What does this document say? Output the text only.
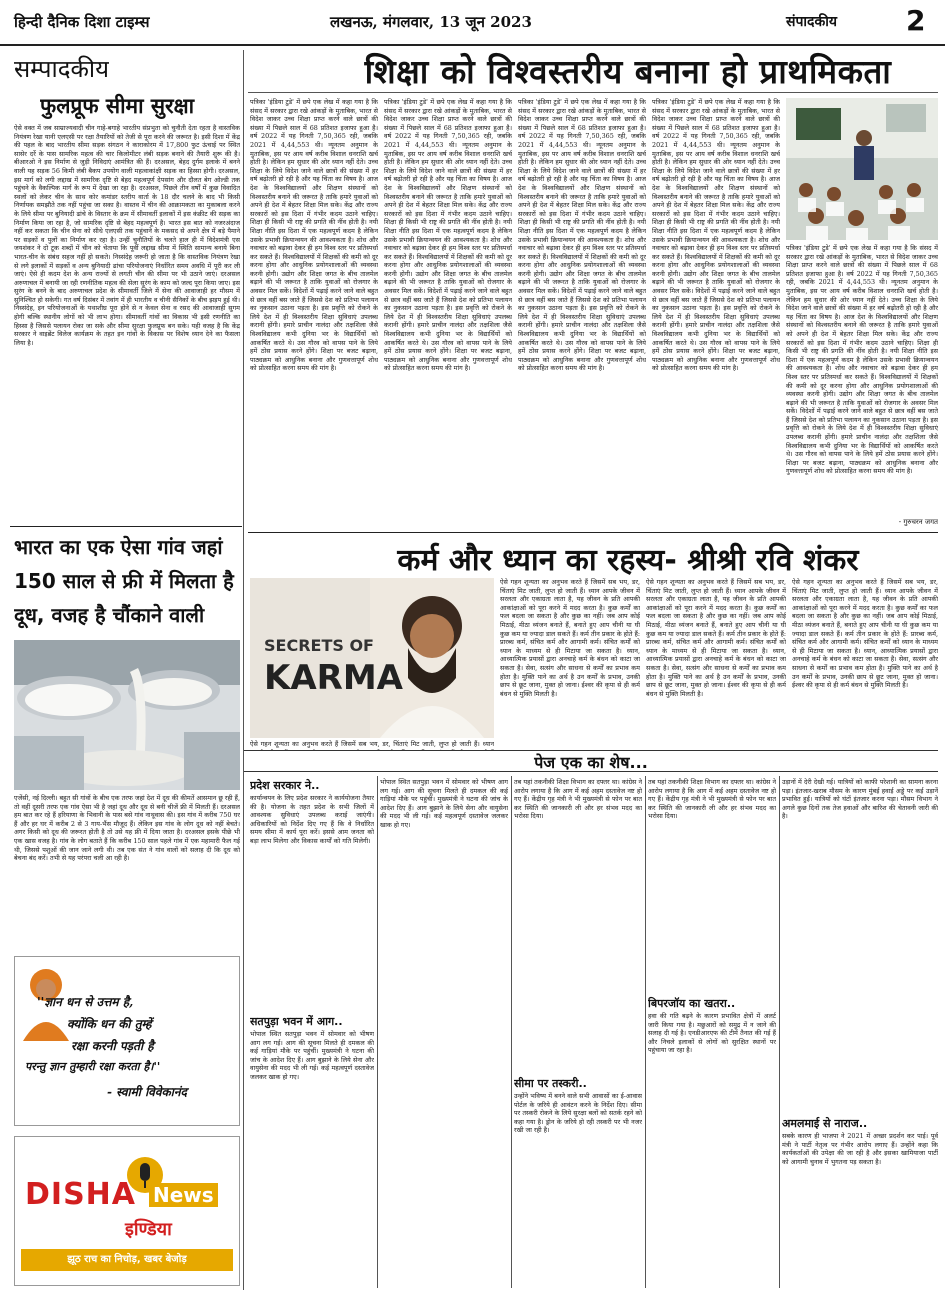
हिन्दी दैनिक दिशा टाइम्स	लखनऊ, मंगलवार, 13 जून 2023	संपादकीय 2
सम्पादकीय
फुलप्रूफ सीमा सुरक्षा
ऐसे वक्त में जब साम्राज्यवादी चीन गाहे-बगाहे भारतीय संप्रभुता को चुनौती देता रहता है वास्तविक नियंत्रण रेखा यानी एलएसी पर रक्षा तैयारियों को तेजी से पूरा करने की जरूरत है। इसी दिशा में केंद्र की पहल के बाद भारतीय सीमा सड़क संगठन ने काराकोरम में 17,800 फुट ऊंचाई पर स्थित सासेर दर्रे के पास सामरिक महत्व की चार किलोमीटर लंबी सड़क बनाने की तैयारी शुरू की है। बीआरओ ने इस निर्माण से जुड़ी निविदाएं आमंत्रित की हैं। दरअसल, बेहद दुर्गम इलाके में बनने वाली यह सड़क 56 किमी लंबी बैकप उपयोग वाली महत्वाकांक्षी सड़क का हिस्सा होगी। दरअसल, इस मार्ग को लगी लद्दाख में सामरिक दृष्टि से बेहद महत्वपूर्ण देपसांग और दौलत बेग ओल्डी तक पहुंचने के वैकल्पिक मार्ग के रूप में देखा जा रहा है। दरअसल, पिछले तीन वर्षों में कुछ विवादित स्थलों को लेकर चीन के साथ कोर कमांडर स्तरीय वार्ता के 18 दौर चलने के बाद भी किसी निर्णायक समझौते तक नहीं पहुंचा जा सका है। वास्तव में चीन की आक्रामकता का मुकाबला करने के लिये सीमा पर बुनियादी ढांचे के विस्तार के क्रम में सीमावर्ती इलाकों में इस कंक्रीट की सड़क का निर्माण किया जा रहा है, जो सामरिक दृष्टि से बेहद महत्वपूर्ण है। भारत इस बात को नजरअंदाज नहीं कर सकता कि चीन सेना को सीधे एलएसी तक पहुंचाने के मकसद से अपने क्षेत्र में बड़े पैमाने पर सड़कों व पुलों का निर्माण कर रहा है। उन्हीं चुनौतियों के चलते हाल ही में विदेशमंत्री एस जयशंकर ने दो टूक शब्दों में चीन को चेताया कि पूर्वी लद्दाख सीमा में स्थिति सामान्य बनाये बिना भारत-चीन के संबंध सहज नहीं हो सकते। निस्संदेह जरूरी हो जाता है कि वास्तविक नियंत्रण रेखा से लगे इलाकों में सड़कों व अन्य बुनियादी ढांचा परियोजनाएं निर्धारित समय अवधि में पूरी कर ली जाएं। ऐसे ही कदम देश के अन्य राज्यों से लगती चीन की सीमा पर भी उठाने जाएं। दरअसल अरुणाचल में बनायी जा रही रणनीतिक महत्व की सेला सुरंग के काम को जल्द पूरा किया जाए। इस सुरंग के बनने के बाद अरुणाचल प्रदेश के सीमावर्ती जिले में सेना की आवाजाही हर मौसम में सुनिश्चित हो सकेगी। गत वर्ष दिसंबर में तवांग में ही भारतीय व चीनी सैनिकों के बीच झड़प हुई थी। निस्संदेह, इन परियोजनाओं के यथाशीघ्र पूरा होने से न केवल सेना व रसद की आवाजाही सुगम होगी बल्कि स्थानीय लोगों को भी लाभ होगा। सीमावर्ती गांवों का विकास भी इसी रणनीति का हिस्सा है जिससे पलायन रोका जा सके और सीमा सुरक्षा फुलप्रूफ बन सके। यही वजह है कि केंद्र सरकार ने वाइब्रेंट विलेज कार्यक्रम के तहत इन गांवों के विकास पर विशेष ध्यान देने का फैसला लिया है।
शिक्षा को विश्वस्तरीय बनाना हो प्राथमिकता
पत्रिका 'इंडिया टुडे' में छपे एक लेख में कहा गया है कि संसद में सरकार द्वारा रखे आंकड़ों के मुताबिक, भारत से विदेश जाकर उच्च शिक्षा प्राप्त करने वाले छात्रों की संख्या में पिछले साल में 68 प्रतिशत इजाफा हुआ है। वर्ष 2022 में यह गिनती 7,50,365 रही, जबकि 2021 में 4,44,553 थी। न्यूनतम अनुमान के मुताबिक, इस पर आय वर्ष करीब विशाल धनराशि खर्च होती है। लेकिन हम सुधार की ओर ध्यान नहीं देते। उच्च शिक्षा के लिये विदेश जाने वाले छात्रों की संख्या में हर वर्ष बढ़ोतरी हो रही है और यह चिंता का विषय है। आज देश के विश्वविद्यालयों और शिक्षण संस्थानों को विश्वस्तरीय बनाने की जरूरत है ताकि हमारे युवाओं को अपने ही देश में बेहतर शिक्षा मिल सके। केंद्र और राज्य सरकारों को इस दिशा में गंभीर कदम उठाने चाहिए। शिक्षा ही किसी भी राष्ट्र की प्रगति की नींव होती है। नयी शिक्षा नीति इस दिशा में एक महत्वपूर्ण कदम है लेकिन उसके प्रभावी क्रियान्वयन की आवश्यकता है। शोध और नवाचार को बढ़ावा देकर ही हम विश्व स्तर पर प्रतिस्पर्धा कर सकते हैं। विश्वविद्यालयों में शिक्षकों की कमी को दूर करना होगा और आधुनिक प्रयोगशालाओं की व्यवस्था करनी होगी। उद्योग और शिक्षा जगत के बीच तालमेल बढ़ाने की भी जरूरत है ताकि युवाओं को रोजगार के अवसर मिल सकें। विदेशों में पढ़ाई करने जाने वाले बहुत से छात्र वहीं बस जाते हैं जिससे देश को प्रतिभा पलायन का नुकसान उठाना पड़ता है। इस प्रवृत्ति को रोकने के लिये देश में ही विश्वस्तरीय शिक्षा सुविधाएं उपलब्ध करानी होंगी। हमारे प्राचीन नालंदा और तक्षशिला जैसे विश्वविद्यालय कभी दुनिया भर के विद्यार्थियों को आकर्षित करते थे। उस गौरव को वापस पाने के लिये हमें ठोस प्रयास करने होंगे। शिक्षा पर बजट बढ़ाना, पाठ्यक्रम को आधुनिक बनाना और गुणवत्तापूर्ण शोध को प्रोत्साहित करना समय की मांग है।
पत्रिका 'इंडिया टुडे' में छपे एक लेख में कहा गया है कि संसद में सरकार द्वारा रखे आंकड़ों के मुताबिक, भारत से विदेश जाकर उच्च शिक्षा प्राप्त करने वाले छात्रों की संख्या में पिछले साल में 68 प्रतिशत इजाफा हुआ है। वर्ष 2022 में यह गिनती 7,50,365 रही, जबकि 2021 में 4,44,553 थी। न्यूनतम अनुमान के मुताबिक, इस पर आय वर्ष करीब विशाल धनराशि खर्च होती है। लेकिन हम सुधार की ओर ध्यान नहीं देते। उच्च शिक्षा के लिये विदेश जाने वाले छात्रों की संख्या में हर वर्ष बढ़ोतरी हो रही है और यह चिंता का विषय है। आज देश के विश्वविद्यालयों और शिक्षण संस्थानों को विश्वस्तरीय बनाने की जरूरत है ताकि हमारे युवाओं को अपने ही देश में बेहतर शिक्षा मिल सके। केंद्र और राज्य सरकारों को इस दिशा में गंभीर कदम उठाने चाहिए। शिक्षा ही किसी भी राष्ट्र की प्रगति की नींव होती है। नयी शिक्षा नीति इस दिशा में एक महत्वपूर्ण कदम है लेकिन उसके प्रभावी क्रियान्वयन की आवश्यकता है। शोध और नवाचार को बढ़ावा देकर ही हम विश्व स्तर पर प्रतिस्पर्धा कर सकते हैं। विश्वविद्यालयों में शिक्षकों की कमी को दूर करना होगा और आधुनिक प्रयोगशालाओं की व्यवस्था करनी होगी। उद्योग और शिक्षा जगत के बीच तालमेल बढ़ाने की भी जरूरत है ताकि युवाओं को रोजगार के अवसर मिल सकें। विदेशों में पढ़ाई करने जाने वाले बहुत से छात्र वहीं बस जाते हैं जिससे देश को प्रतिभा पलायन का नुकसान उठाना पड़ता है। इस प्रवृत्ति को रोकने के लिये देश में ही विश्वस्तरीय शिक्षा सुविधाएं उपलब्ध करानी होंगी। हमारे प्राचीन नालंदा और तक्षशिला जैसे विश्वविद्यालय कभी दुनिया भर के विद्यार्थियों को आकर्षित करते थे। उस गौरव को वापस पाने के लिये हमें ठोस प्रयास करने होंगे। शिक्षा पर बजट बढ़ाना, पाठ्यक्रम को आधुनिक बनाना और गुणवत्तापूर्ण शोध को प्रोत्साहित करना समय की मांग है।
पत्रिका 'इंडिया टुडे' में छपे एक लेख में कहा गया है कि संसद में सरकार द्वारा रखे आंकड़ों के मुताबिक, भारत से विदेश जाकर उच्च शिक्षा प्राप्त करने वाले छात्रों की संख्या में पिछले साल में 68 प्रतिशत इजाफा हुआ है। वर्ष 2022 में यह गिनती 7,50,365 रही, जबकि 2021 में 4,44,553 थी। न्यूनतम अनुमान के मुताबिक, इस पर आय वर्ष करीब विशाल धनराशि खर्च होती है। लेकिन हम सुधार की ओर ध्यान नहीं देते। उच्च शिक्षा के लिये विदेश जाने वाले छात्रों की संख्या में हर वर्ष बढ़ोतरी हो रही है और यह चिंता का विषय है। आज देश के विश्वविद्यालयों और शिक्षण संस्थानों को विश्वस्तरीय बनाने की जरूरत है ताकि हमारे युवाओं को अपने ही देश में बेहतर शिक्षा मिल सके। केंद्र और राज्य सरकारों को इस दिशा में गंभीर कदम उठाने चाहिए। शिक्षा ही किसी भी राष्ट्र की प्रगति की नींव होती है। नयी शिक्षा नीति इस दिशा में एक महत्वपूर्ण कदम है लेकिन उसके प्रभावी क्रियान्वयन की आवश्यकता है। शोध और नवाचार को बढ़ावा देकर ही हम विश्व स्तर पर प्रतिस्पर्धा कर सकते हैं। विश्वविद्यालयों में शिक्षकों की कमी को दूर करना होगा और आधुनिक प्रयोगशालाओं की व्यवस्था करनी होगी। उद्योग और शिक्षा जगत के बीच तालमेल बढ़ाने की भी जरूरत है ताकि युवाओं को रोजगार के अवसर मिल सकें। विदेशों में पढ़ाई करने जाने वाले बहुत से छात्र वहीं बस जाते हैं जिससे देश को प्रतिभा पलायन का नुकसान उठाना पड़ता है। इस प्रवृत्ति को रोकने के लिये देश में ही विश्वस्तरीय शिक्षा सुविधाएं उपलब्ध करानी होंगी। हमारे प्राचीन नालंदा और तक्षशिला जैसे विश्वविद्यालय कभी दुनिया भर के विद्यार्थियों को आकर्षित करते थे। उस गौरव को वापस पाने के लिये हमें ठोस प्रयास करने होंगे। शिक्षा पर बजट बढ़ाना, पाठ्यक्रम को आधुनिक बनाना और गुणवत्तापूर्ण शोध को प्रोत्साहित करना समय की मांग है।
पत्रिका 'इंडिया टुडे' में छपे एक लेख में कहा गया है कि संसद में सरकार द्वारा रखे आंकड़ों के मुताबिक, भारत से विदेश जाकर उच्च शिक्षा प्राप्त करने वाले छात्रों की संख्या में पिछले साल में 68 प्रतिशत इजाफा हुआ है। वर्ष 2022 में यह गिनती 7,50,365 रही, जबकि 2021 में 4,44,553 थी। न्यूनतम अनुमान के मुताबिक, इस पर आय वर्ष करीब विशाल धनराशि खर्च होती है। लेकिन हम सुधार की ओर ध्यान नहीं देते। उच्च शिक्षा के लिये विदेश जाने वाले छात्रों की संख्या में हर वर्ष बढ़ोतरी हो रही है और यह चिंता का विषय है। आज देश के विश्वविद्यालयों और शिक्षण संस्थानों को विश्वस्तरीय बनाने की जरूरत है ताकि हमारे युवाओं को अपने ही देश में बेहतर शिक्षा मिल सके। केंद्र और राज्य सरकारों को इस दिशा में गंभीर कदम उठाने चाहिए। शिक्षा ही किसी भी राष्ट्र की प्रगति की नींव होती है। नयी शिक्षा नीति इस दिशा में एक महत्वपूर्ण कदम है लेकिन उसके प्रभावी क्रियान्वयन की आवश्यकता है। शोध और नवाचार को बढ़ावा देकर ही हम विश्व स्तर पर प्रतिस्पर्धा कर सकते हैं। विश्वविद्यालयों में शिक्षकों की कमी को दूर करना होगा और आधुनिक प्रयोगशालाओं की व्यवस्था करनी होगी। उद्योग और शिक्षा जगत के बीच तालमेल बढ़ाने की भी जरूरत है ताकि युवाओं को रोजगार के अवसर मिल सकें। विदेशों में पढ़ाई करने जाने वाले बहुत से छात्र वहीं बस जाते हैं जिससे देश को प्रतिभा पलायन का नुकसान उठाना पड़ता है। इस प्रवृत्ति को रोकने के लिये देश में ही विश्वस्तरीय शिक्षा सुविधाएं उपलब्ध करानी होंगी। हमारे प्राचीन नालंदा और तक्षशिला जैसे विश्वविद्यालय कभी दुनिया भर के विद्यार्थियों को आकर्षित करते थे। उस गौरव को वापस पाने के लिये हमें ठोस प्रयास करने होंगे। शिक्षा पर बजट बढ़ाना, पाठ्यक्रम को आधुनिक बनाना और गुणवत्तापूर्ण शोध को प्रोत्साहित करना समय की मांग है।
पत्रिका 'इंडिया टुडे' में छपे एक लेख में कहा गया है कि संसद में सरकार द्वारा रखे आंकड़ों के मुताबिक, भारत से विदेश जाकर उच्च शिक्षा प्राप्त करने वाले छात्रों की संख्या में पिछले साल में 68 प्रतिशत इजाफा हुआ है। वर्ष 2022 में यह गिनती 7,50,365 रही, जबकि 2021 में 4,44,553 थी। न्यूनतम अनुमान के मुताबिक, इस पर आय वर्ष करीब विशाल धनराशि खर्च होती है। लेकिन हम सुधार की ओर ध्यान नहीं देते। उच्च शिक्षा के लिये विदेश जाने वाले छात्रों की संख्या में हर वर्ष बढ़ोतरी हो रही है और यह चिंता का विषय है। आज देश के विश्वविद्यालयों और शिक्षण संस्थानों को विश्वस्तरीय बनाने की जरूरत है ताकि हमारे युवाओं को अपने ही देश में बेहतर शिक्षा मिल सके। केंद्र और राज्य सरकारों को इस दिशा में गंभीर कदम उठाने चाहिए। शिक्षा ही किसी भी राष्ट्र की प्रगति की नींव होती है। नयी शिक्षा नीति इस दिशा में एक महत्वपूर्ण कदम है लेकिन उसके प्रभावी क्रियान्वयन की आवश्यकता है। शोध और नवाचार को बढ़ावा देकर ही हम विश्व स्तर पर प्रतिस्पर्धा कर सकते हैं। विश्वविद्यालयों में शिक्षकों की कमी को दूर करना होगा और आधुनिक प्रयोगशालाओं की व्यवस्था करनी होगी। उद्योग और शिक्षा जगत के बीच तालमेल बढ़ाने की भी जरूरत है ताकि युवाओं को रोजगार के अवसर मिल सकें। विदेशों में पढ़ाई करने जाने वाले बहुत से छात्र वहीं बस जाते हैं जिससे देश को प्रतिभा पलायन का नुकसान उठाना पड़ता है। इस प्रवृत्ति को रोकने के लिये देश में ही विश्वस्तरीय शिक्षा सुविधाएं उपलब्ध करानी होंगी। हमारे प्राचीन नालंदा और तक्षशिला जैसे विश्वविद्यालय कभी दुनिया भर के विद्यार्थियों को आकर्षित करते थे। उस गौरव को वापस पाने के लिये हमें ठोस प्रयास करने होंगे। शिक्षा पर बजट बढ़ाना, पाठ्यक्रम को आधुनिक बनाना और गुणवत्तापूर्ण शोध को प्रोत्साहित करना समय की मांग है।
- गुरुचरन जगत
भारत का एक ऐसा गांव जहां 150 साल से फ्री में मिलता है दूध, वजह है चौंकाने वाली
एजेंसी, नई दिल्ली। बहुत सी गांवों के बीच एक तरफ जहां देश में दूध की कीमतें आसमान छू रही हैं, तो वहीं दूसरी तरफ एक गांव ऐसा भी है जहां दूध और दूध से बनी चीजें फ्री में मिलती हैं। दरअसल हम बात कर रहे हैं हरियाणा के भिवानी के पास बसे गांव नाथूवास की। इस गांव में करीब 750 घर हैं और हर घर में करीब 2 से 3 गाय-भैंस मौजूद हैं। लेकिन इस गांव के लोग दूध को नहीं बेचते। अगर किसी को दूध की जरूरत होती है तो उसे यह फ्री में दिया जाता है। दरअसल इसके पीछे भी एक खास वजह है। गांव के लोग बताते हैं कि करीब 150 साल पहले गांव में एक महामारी फैल गई थी, जिससे पशुओं की जान जाने लगी थी। तब एक संत ने गांव वालों को सलाह दी कि दूध को बेचना बंद करें। तभी से यह परंपरा चली आ रही है।
''ज्ञान धन से उत्तम है,
क्योंकि धन की तुम्हें
रक्षा करनी पड़ती है
परन्तु ज्ञान तुम्हारी रक्षा करता है।''
- स्वामी विवेकानंद
DISHA News
इण्डिया
झूठ राच का निचोड़, खबर बेजोड़
कर्म और ध्यान का रहस्य- श्रीश्री रवि शंकर
SECRETS OF
KARMA
ऐसे गहन शून्यता का अनुभव करते हैं जिसमें सब भय, डर, चिंताएं मिट जाती, लुप्त हो जाती हैं। ध्यान
ऐसे गहन शून्यता का अनुभव करते हैं जिसमें सब भय, डर, चिंताएं मिट जाती, लुप्त हो जाती हैं। ध्यान आपके जीवन में सरलता और एकाग्रता लाता है, यह जीवन के प्रति आपकी आकांक्षाओं को पूरा करने में मदद करता है। कुछ कर्मों का फल बदला जा सकता है और कुछ का नहीं। जब आप कोई मिठाई, मीठा व्यंजन बनाते हैं, बनाते हुए आप चीनी या घी कुछ कम या ज्यादा डाल सकते हैं। कर्म तीन प्रकार के होते हैं: प्रारब्ध कर्म, संचित कर्म और आगामी कर्म। संचित कर्मों को ध्यान के माध्यम से ही मिटाया जा सकता है। ध्यान, आध्यात्मिक प्रयासों द्वारा अनचाहे कर्म के बंधन को काटा जा सकता है। सेवा, सत्संग और साधना से कर्मों का प्रभाव कम होता है। मुक्ति पाने का अर्थ है उन कर्मों के प्रभाव, उनकी छाप से छूट जाना, मुक्त हो जाना। ईश्वर की कृपा से ही कर्म बंधन से मुक्ति मिलती है।
ऐसे गहन शून्यता का अनुभव करते हैं जिसमें सब भय, डर, चिंताएं मिट जाती, लुप्त हो जाती हैं। ध्यान आपके जीवन में सरलता और एकाग्रता लाता है, यह जीवन के प्रति आपकी आकांक्षाओं को पूरा करने में मदद करता है। कुछ कर्मों का फल बदला जा सकता है और कुछ का नहीं। जब आप कोई मिठाई, मीठा व्यंजन बनाते हैं, बनाते हुए आप चीनी या घी कुछ कम या ज्यादा डाल सकते हैं। कर्म तीन प्रकार के होते हैं: प्रारब्ध कर्म, संचित कर्म और आगामी कर्म। संचित कर्मों को ध्यान के माध्यम से ही मिटाया जा सकता है। ध्यान, आध्यात्मिक प्रयासों द्वारा अनचाहे कर्म के बंधन को काटा जा सकता है। सेवा, सत्संग और साधना से कर्मों का प्रभाव कम होता है। मुक्ति पाने का अर्थ है उन कर्मों के प्रभाव, उनकी छाप से छूट जाना, मुक्त हो जाना। ईश्वर की कृपा से ही कर्म बंधन से मुक्ति मिलती है।
ऐसे गहन शून्यता का अनुभव करते हैं जिसमें सब भय, डर, चिंताएं मिट जाती, लुप्त हो जाती हैं। ध्यान आपके जीवन में सरलता और एकाग्रता लाता है, यह जीवन के प्रति आपकी आकांक्षाओं को पूरा करने में मदद करता है। कुछ कर्मों का फल बदला जा सकता है और कुछ का नहीं। जब आप कोई मिठाई, मीठा व्यंजन बनाते हैं, बनाते हुए आप चीनी या घी कुछ कम या ज्यादा डाल सकते हैं। कर्म तीन प्रकार के होते हैं: प्रारब्ध कर्म, संचित कर्म और आगामी कर्म। संचित कर्मों को ध्यान के माध्यम से ही मिटाया जा सकता है। ध्यान, आध्यात्मिक प्रयासों द्वारा अनचाहे कर्म के बंधन को काटा जा सकता है। सेवा, सत्संग और साधना से कर्मों का प्रभाव कम होता है। मुक्ति पाने का अर्थ है उन कर्मों के प्रभाव, उनकी छाप से छूट जाना, मुक्त हो जाना। ईश्वर की कृपा से ही कर्म बंधन से मुक्ति मिलती है।
पेज एक का शेष...
प्रदेश सरकार ने..
कार्यान्वयन के लिए प्रदेश सरकार ने कार्ययोजना तैयार की है। योजना के तहत प्रदेश के सभी जिलों में आवश्यक सुविधाएं उपलब्ध कराई जाएंगी। अधिकारियों को निर्देश दिए गए हैं कि वे निर्धारित समय सीमा में कार्य पूरा करें। इससे आम जनता को बड़ा लाभ मिलेगा और विकास कार्यों को गति मिलेगी।
सतपुड़ा भवन में आग..
भोपाल स्थित सतपुड़ा भवन में सोमवार को भीषण आग लग गई। आग की सूचना मिलते ही दमकल की कई गाड़ियां मौके पर पहुंचीं। मुख्यमंत्री ने घटना की जांच के आदेश दिए हैं। आग बुझाने के लिये सेना और वायुसेना की मदद भी ली गई। कई महत्वपूर्ण दस्तावेज जलकर खाक हो गए।
भोपाल स्थित सतपुड़ा भवन में सोमवार को भीषण आग लग गई। आग की सूचना मिलते ही दमकल की कई गाड़ियां मौके पर पहुंचीं। मुख्यमंत्री ने घटना की जांच के आदेश दिए हैं। आग बुझाने के लिये सेना और वायुसेना की मदद भी ली गई। कई महत्वपूर्ण दस्तावेज जलकर खाक हो गए।
तब यहां तकनीकी शिक्षा विभाग का दफ्तर था। कांग्रेस ने आरोप लगाया है कि आग में कई अहम दस्तावेज नष्ट हो गए हैं। केंद्रीय गृह मंत्री ने भी मुख्यमंत्री से फोन पर बात कर स्थिति की जानकारी ली और हर संभव मदद का भरोसा दिया।
सीमा पर तस्करी..
उन्होंने भविष्य में बनने वाले सभी आवासों का ई-आवास पोर्टल के जरिये ही आवंटन करने के निर्देश दिए। सीमा पर तस्करी रोकने के लिये सुरक्षा बलों को सतर्क रहने को कहा गया है। ड्रोन के जरिये हो रही तस्करी पर भी नजर रखी जा रही है।
तब यहां तकनीकी शिक्षा विभाग का दफ्तर था। कांग्रेस ने आरोप लगाया है कि आग में कई अहम दस्तावेज नष्ट हो गए हैं। केंद्रीय गृह मंत्री ने भी मुख्यमंत्री से फोन पर बात कर स्थिति की जानकारी ली और हर संभव मदद का भरोसा दिया।
बिपरजॉय का खतरा..
हवा की गति बढ़ने के कारण प्रभावित क्षेत्रों में अलर्ट जारी किया गया है। मछुआरों को समुद्र में न जाने की सलाह दी गई है। एनडीआरएफ की टीमें तैनात की गई हैं और निचले इलाकों से लोगों को सुरक्षित स्थानों पर पहुंचाया जा रहा है।
उड़ानों में देरी देखी गई। यात्रियों को काफी परेशानी का सामना करना पड़ा। इंतजार-खराब मौसम के कारण मुंबई हवाई अड्डे पर कई उड़ानें प्रभावित हुईं। यात्रियों को घंटों इंतजार करना पड़ा। मौसम विभाग ने अगले कुछ दिनों तक तेज हवाओं और बारिश की चेतावनी जारी की है।
अमलमाई से नाराज..
सबके कारण ही भाजपा ने 2021 में अच्छा प्रदर्शन कर पाई। पूर्व मंत्री ने पार्टी नेतृत्व पर गंभीर आरोप लगाए हैं। उन्होंने कहा कि कार्यकर्ताओं की उपेक्षा की जा रही है और इसका खामियाजा पार्टी को आगामी चुनाव में भुगतना पड़ सकता है।
